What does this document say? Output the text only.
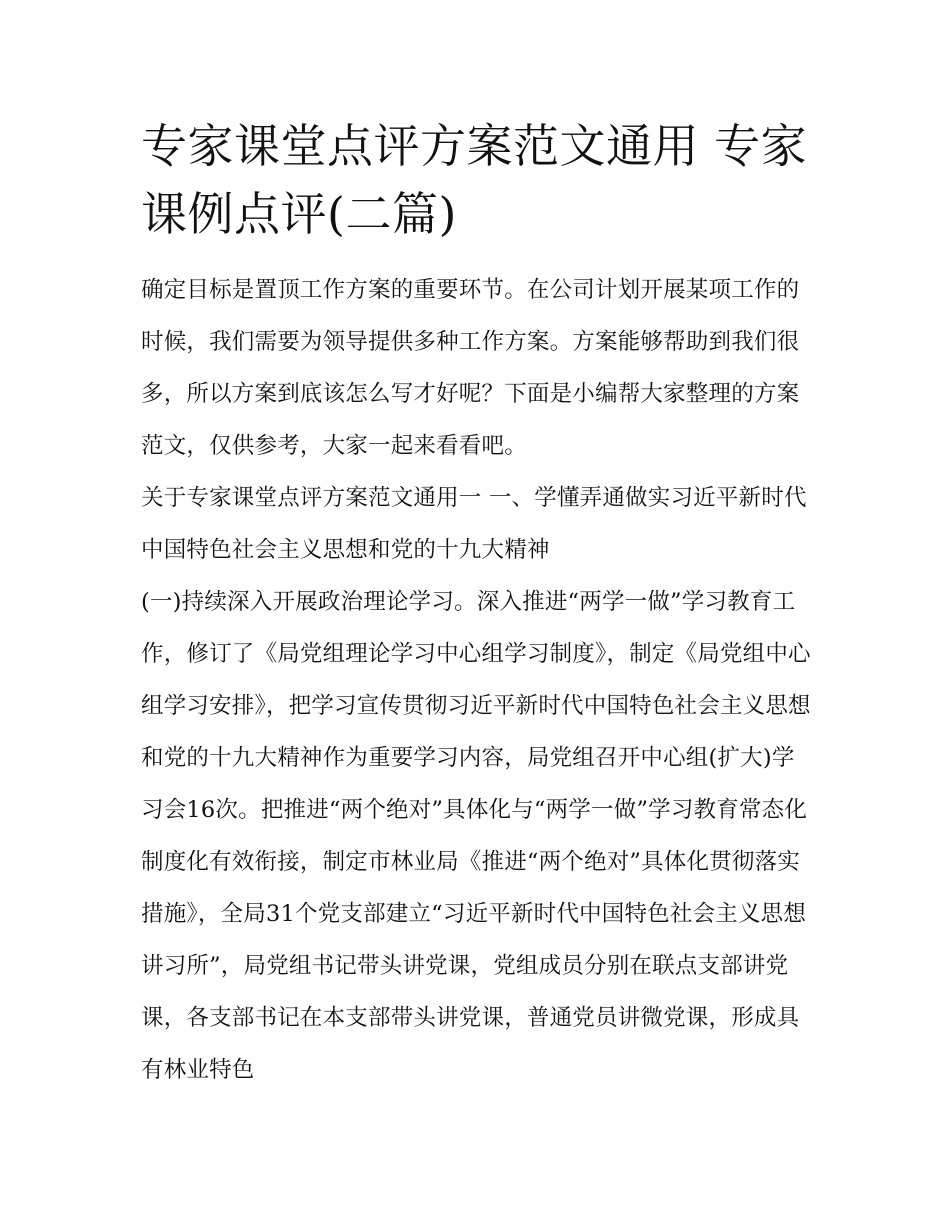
专家课堂点评方案范文通用 专家课例点评(二篇)

确定目标是置顶工作方案的重要环节。在公司计划开展某项工作的时候，我们需要为领导提供多种工作方案。方案能够帮助到我们很多，所以方案到底该怎么写才好呢？下面是小编帮大家整理的方案范文，仅供参考，大家一起来看看吧。

关于专家课堂点评方案范文通用一 一、学懂弄通做实习近平新时代中国特色社会主义思想和党的十九大精神

(一)持续深入开展政治理论学习。深入推进“两学一做”学习教育工作，修订了《局党组理论学习中心组学习制度》，制定《局党组中心组学习安排》，把学习宣传贯彻习近平新时代中国特色社会主义思想和党的十九大精神作为重要学习内容，局党组召开中心组(扩大)学习会16次。把推进“两个绝对”具体化与“两学一做”学习教育常态化制度化有效衔接，制定市林业局《推进“两个绝对”具体化贯彻落实措施》，全局31个党支部建立“习近平新时代中国特色社会主义思想讲习所”，局党组书记带头讲党课，党组成员分别在联点支部讲党课，各支部书记在本支部带头讲党课，普通党员讲微党课，形成具有林业特色
